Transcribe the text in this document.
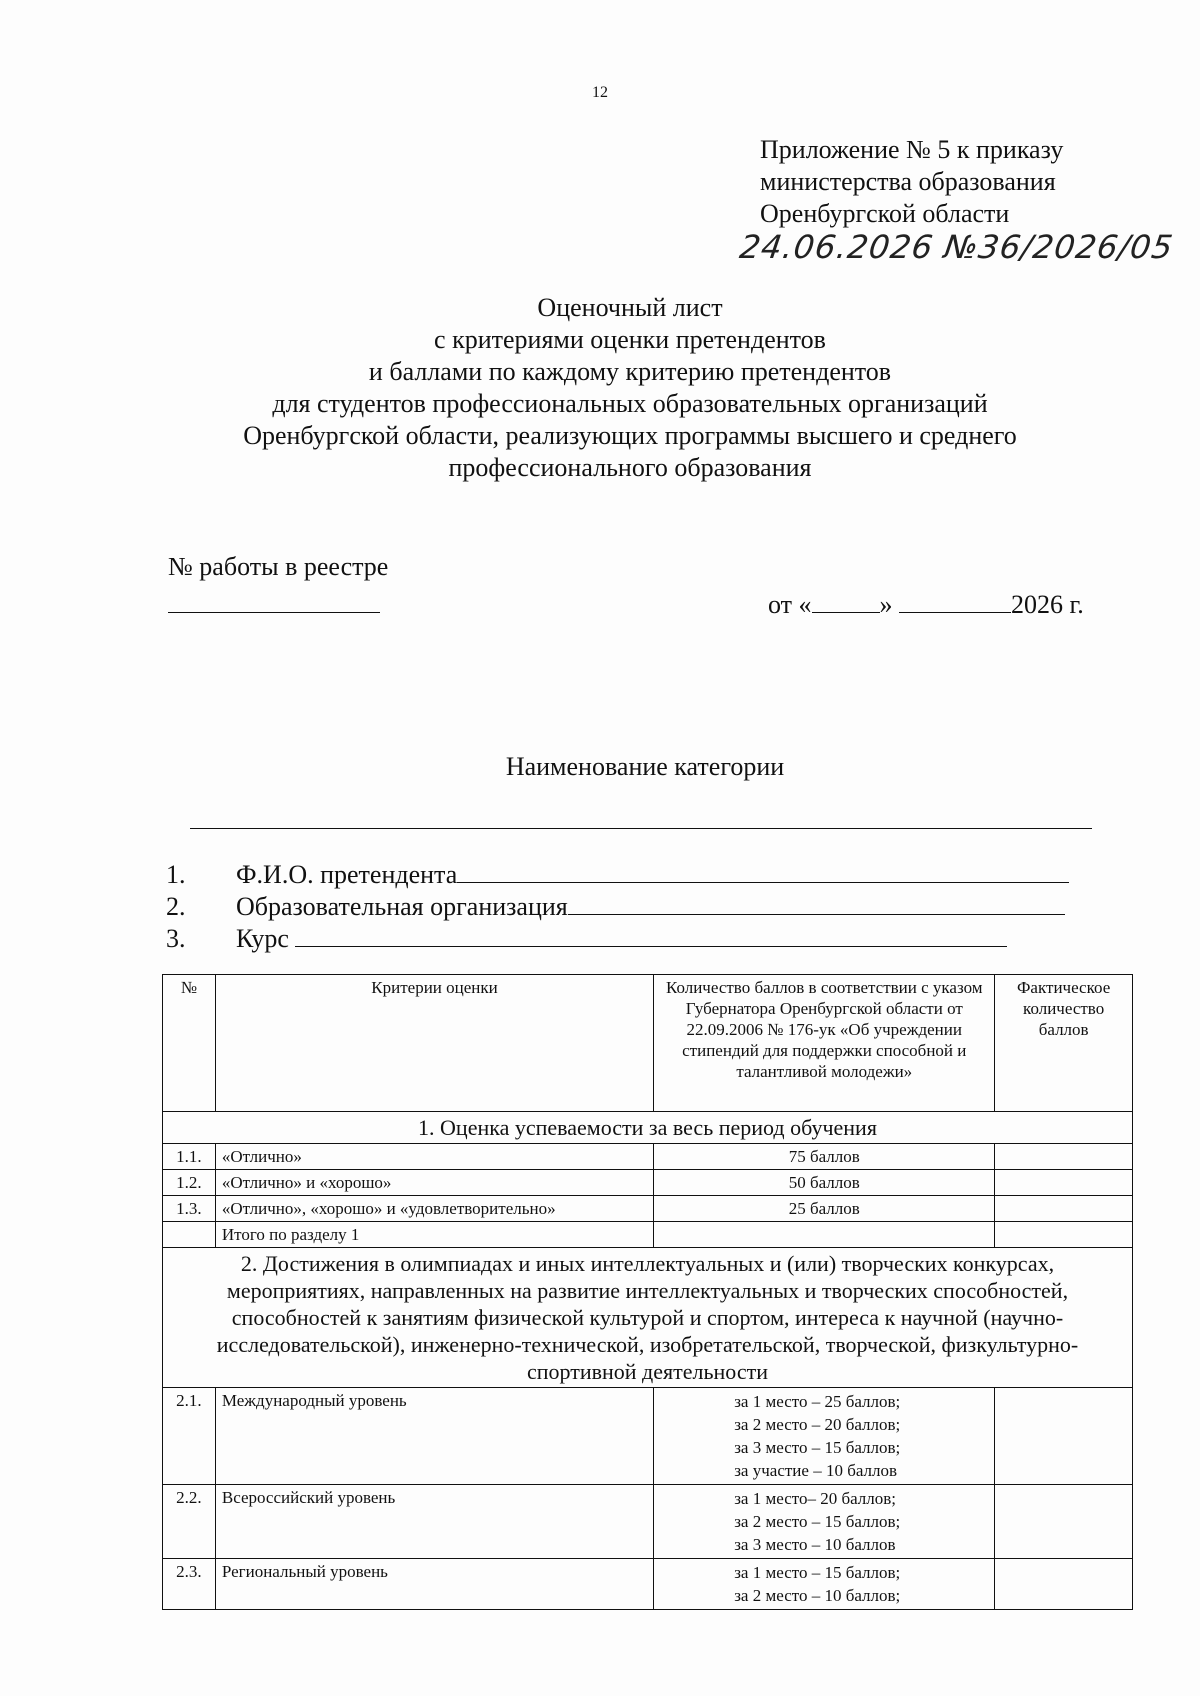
12
Приложение № 5 к приказу
министерства образования
Оренбургской области
24.06.2026 №36/2026/05
Оценочный лист
с критериями оценки претендентов
и баллами по каждому критерию претендентов
для студентов профессиональных образовательных организаций
Оренбургской области, реализующих программы высшего и среднего
профессионального образования
№ работы в реестре
от «	»	2026 г.
Наименование категории
1. Ф.И.О. претендента
2. Образовательная организация
3. Курс
№	Критерии оценки	Количество баллов в соответствии с указом Губернатора Оренбургской области от 22.09.2006 № 176-ук «Об учреждении стипендий для поддержки способной и талантливой молодежи»	Фактическое количество баллов
1. Оценка успеваемости за весь период обучения			
1.1.	«Отлично»	75 баллов	
1.2.	«Отлично» и «хорошо»	50 баллов	
1.3.	«Отлично», «хорошо» и «удовлетворительно»	25 баллов	
	Итого по разделу 1		
2. Достижения в олимпиадах и иных интеллектуальных и (или) творческих конкурсах, мероприятиях, направленных на развитие интеллектуальных и творческих способностей, способностей к занятиям физической культурой и спортом, интереса к научной (научно-исследовательской), инженерно-технической, изобретательской, творческой, физкультурно-спортивной деятельности			
2.1.	Международный уровень	за 1 место – 25 баллов;
за 2 место – 20 баллов;
за 3 место – 15 баллов;
за участие – 10 баллов	

2.2.	Всероссийский уровень	за 1 место– 20 баллов;
за 2 место – 15 баллов;
за 3 место – 10 баллов	

2.3.	Региональный уровень	за 1 место – 15 баллов;
за 2 место – 10 баллов;	
